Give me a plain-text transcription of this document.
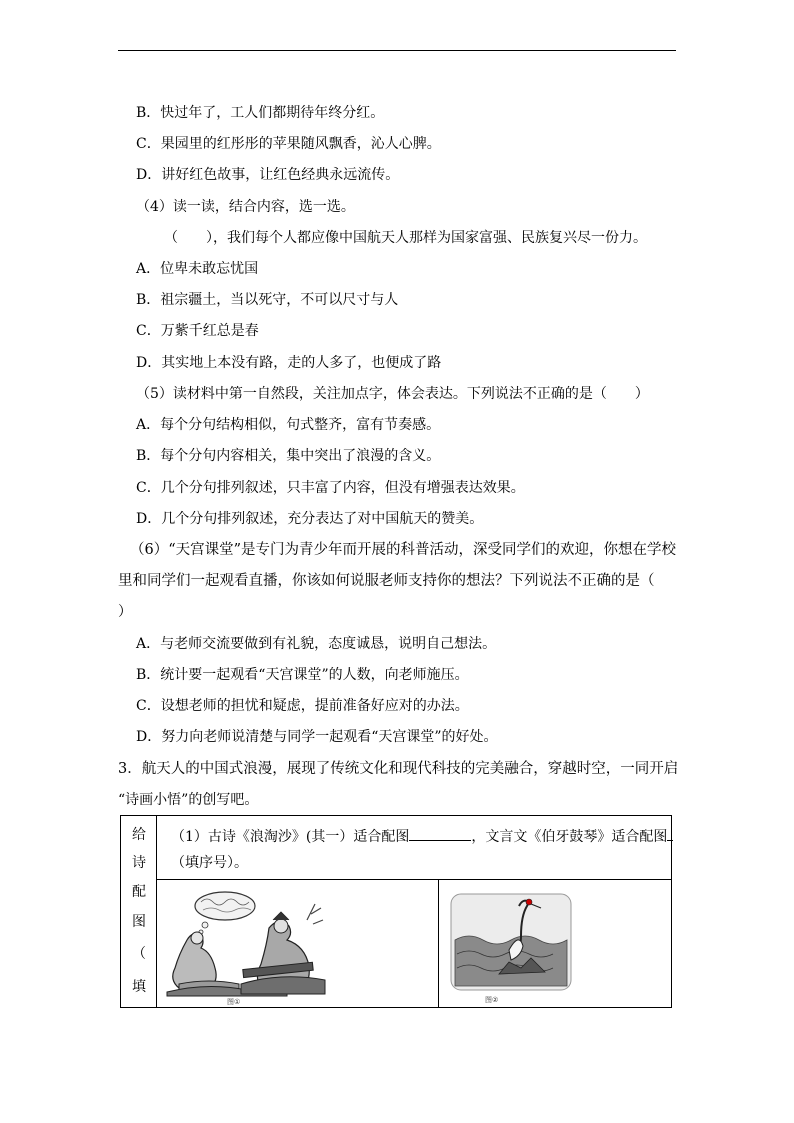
B．快过年了，工人们都期待年终分红。
C．果园里的红彤彤的苹果随风飘香，沁人心脾。
D．讲好红色故事，让红色经典永远流传。
（4）读一读，结合内容，选一选。
（　　），我们每个人都应像中国航天人那样为国家富强、民族复兴尽一份力。
A．位卑未敢忘忧国
B．祖宗疆土，当以死守，不可以尺寸与人
C．万紫千红总是春
D．其实地上本没有路，走的人多了，也便成了路
（5）读材料中第一自然段，关注加点字，体会表达。下列说法不正确的是（　　）
A．每个分句结构相似，句式整齐，富有节奏感。
B．每个分句内容相关，集中突出了浪漫的含义。
C．几个分句排列叙述，只丰富了内容，但没有增强表达效果。
D．几个分句排列叙述，充分表达了对中国航天的赞美。
（6）“天宫课堂”是专门为青少年而开展的科普活动，深受同学们的欢迎，你想在学校
里和同学们一起观看直播，你该如何说服老师支持你的想法？下列说法不正确的是（
）
A．与老师交流要做到有礼貌，态度诚恳，说明自己想法。
B．统计要一起观看“天宫课堂”的人数，向老师施压。
C．设想老师的担忧和疑虑，提前准备好应对的办法。
D．努力向老师说清楚与同学一起观看“天宫课堂”的好处。
3．航天人的中国式浪漫，展现了传统文化和现代科技的完美融合，穿越时空，一同开启
“诗画小悟”的创写吧。
给
诗
配
图
（
填
（1）古诗《浪淘沙》(其一）适合配图	，文言文《伯牙鼓琴》适合配图
（填序号）。
图①	图②
